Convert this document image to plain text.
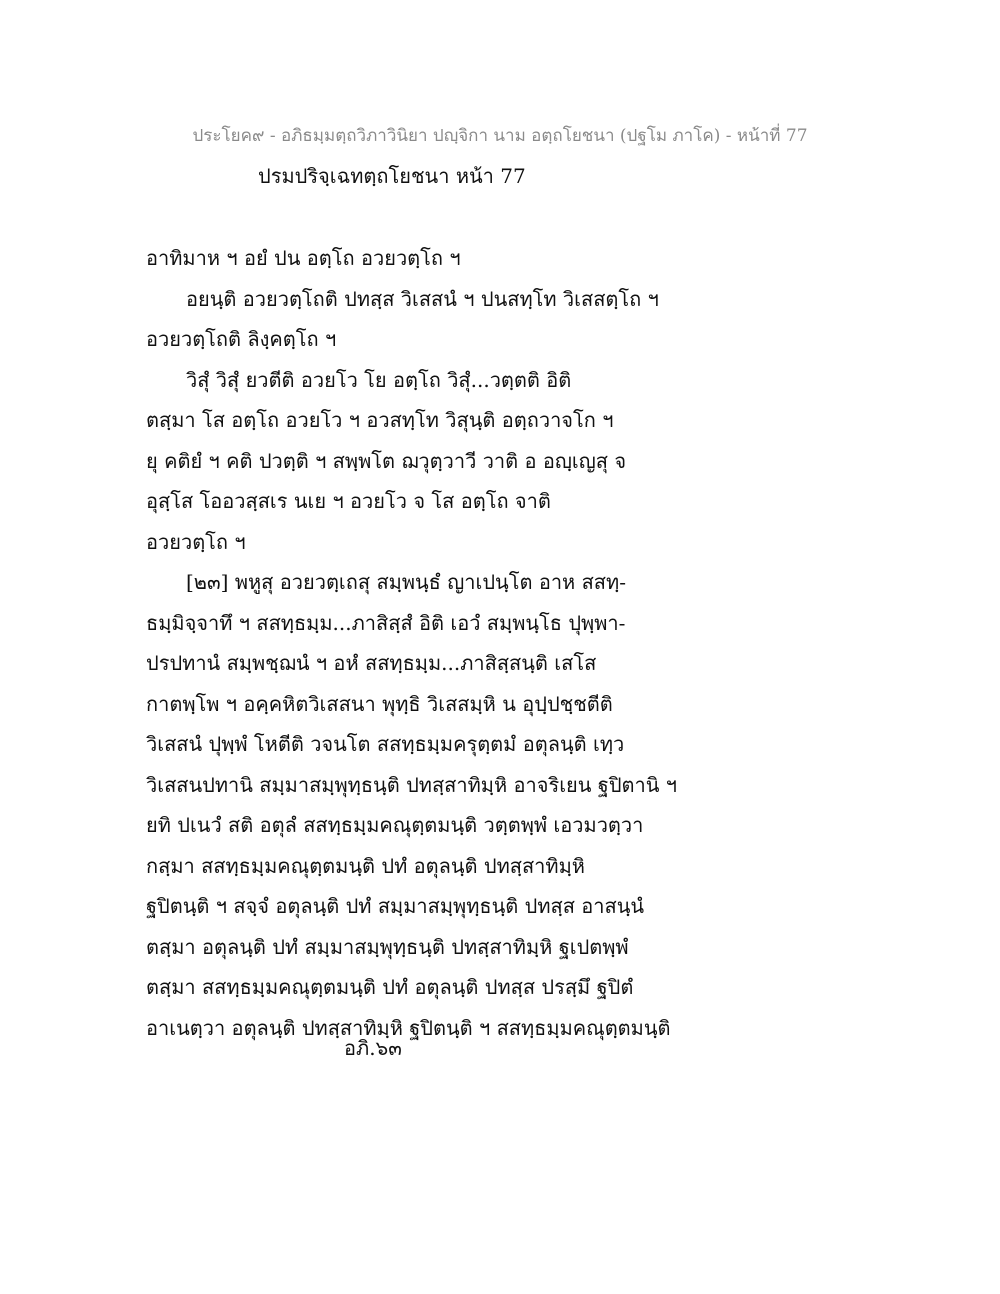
ประโยค๙ - อภิธมฺมตฺถวิภาวินิยา ปญฺจิกา นาม อตฺถโยชนา (ปฐโม ภาโค) - หน้าที่ 77
ปรมปริจฺเฉทตฺถโยชนา หน้า 77
อาทิมาห ฯ อยํ ปน อตฺโถ อวยวตฺโถ ฯ
อยนฺติ อวยวตฺโถติ ปทสฺส วิเสสนํ ฯ ปนสทฺโท วิเสสตฺโถ ฯ
อวยวตฺโถติ ลิงฺคตฺโถ ฯ
วิสุํ วิสุํ ยวตีติ อวยโว โย อตฺโถ วิสุํ...วตฺตติ อิติ
ตสฺมา โส อตฺโถ อวยโว ฯ อวสทฺโท วิสุนฺติ อตฺถวาจโก ฯ
ยุ คติยํ ฯ คติ ปวตฺติ ฯ สพฺพโต ฌวุตฺวาวี วาติ อ อญฺเญสุ จ
อุสฺโส โออวสฺสเร นเย ฯ อวยโว จ โส อตฺโถ จาติ
อวยวตฺโถ ฯ
[๒๓] พหูสุ อวยวตฺเถสุ สมฺพนฺธํ ญาเปนฺโต อาห สสทฺ-
ธมฺมิจฺจาทึ ฯ สสทฺธมฺม...ภาสิสฺสํ อิติ เอวํ สมฺพนฺโธ ปุพฺพา-
ปรปทานํ สมฺพชฺฌนํ ฯ อหํ สสทฺธมฺม...ภาสิสฺสนฺติ เสโส
กาตพฺโพ ฯ อคฺคหิตวิเสสนา พุทฺธิ วิเสสมฺหิ น อุปฺปชฺชตีติ
วิเสสนํ ปุพฺพํ โหตีติ วจนโต สสทฺธมฺมครุตฺตมํ อตุลนฺติ เทฺว
วิเสสนปทานิ สมฺมาสมฺพุทฺธนฺติ ปทสฺสาทิมฺหิ อาจริเยน ฐปิตานิ ฯ
ยทิ ปเนวํ สติ อตุลํ สสทฺธมฺมคณุตฺตมนฺติ วตฺตพฺพํ เอวมวตฺวา
กสฺมา สสทฺธมฺมคณุตฺตมนฺติ ปทํ อตุลนฺติ ปทสฺสาทิมฺหิ
ฐปิตนฺติ ฯ สจฺจํ อตุลนฺติ ปทํ สมฺมาสมฺพุทฺธนฺติ ปทสฺส อาสนฺนํ
ตสฺมา อตุลนฺติ ปทํ สมฺมาสมฺพุทฺธนฺติ ปทสฺสาทิมฺหิ ฐเปตพฺพํ
ตสฺมา สสทฺธมฺมคณุตฺตมนฺติ ปทํ อตุลนฺติ ปทสฺส ปรสฺมึ ฐปิตํ
อาเนตฺวา อตุลนฺติ ปทสฺสาทิมฺหิ ฐปิตนฺติ ฯ สสทฺธมฺมคณุตฺตมนฺติ
อภิ.๖๓
